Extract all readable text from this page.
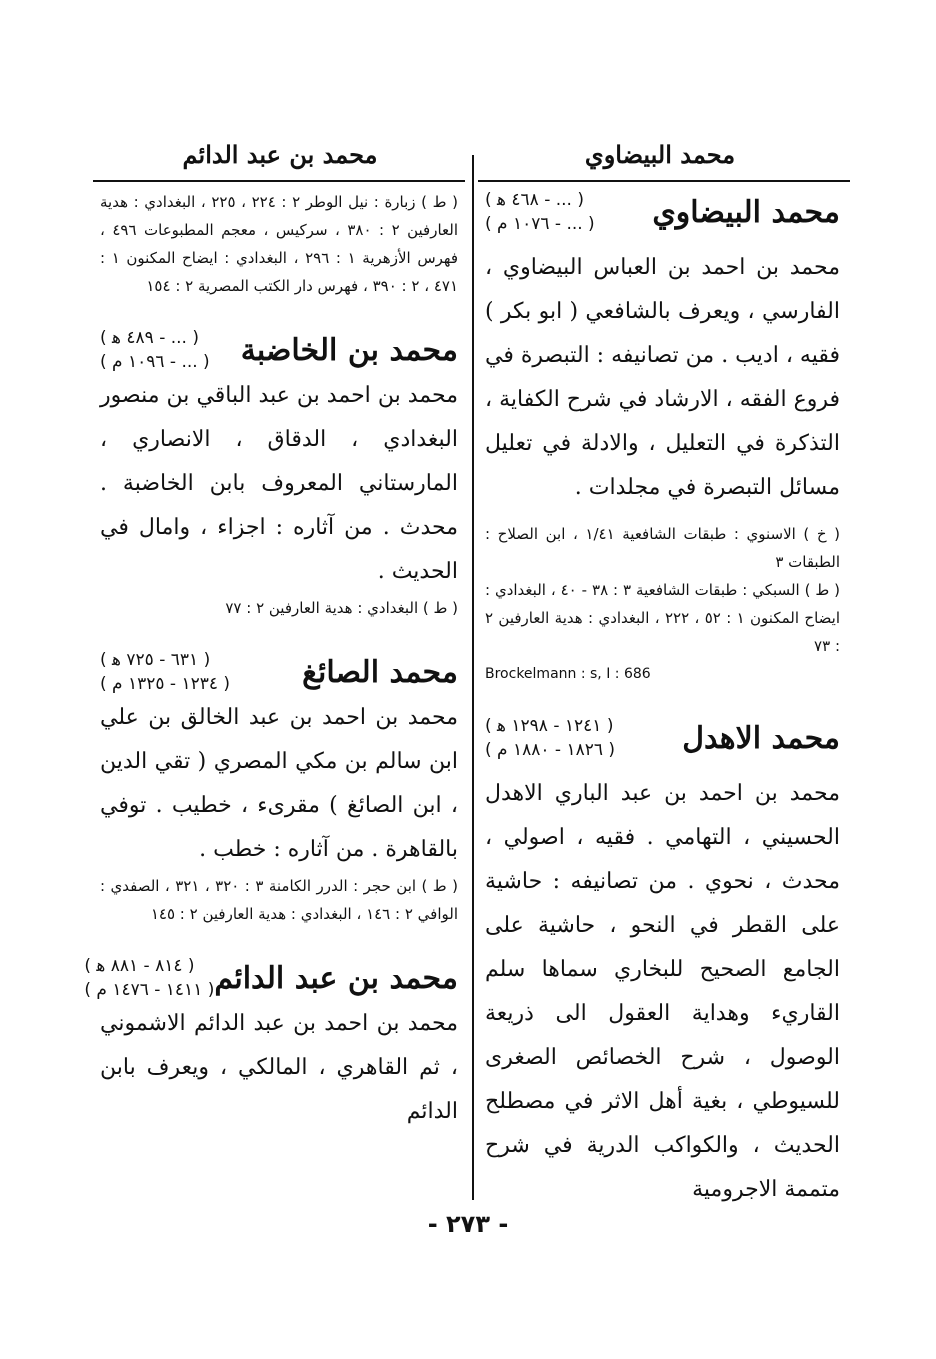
محمد البيضاوي
محمد بن عبد الدائم
محمد البيضاوي
( ... - ٤٦٨ ﻫ )
( ... - ١٠٧٦ م )

محمد بن احمد بن العباس البيضاوي ، الفارسي ، ويعرف بالشافعي ( ابو بكر ) فقيه ، اديب . من تصانيفه : التبصرة في فروع الفقه ، الارشاد في شرح الكفاية ، التذكرة في التعليل ، والادلة في تعليل مسائل التبصرة في مجلدات .

( خ ) الاسنوي : طبقات الشافعية ١/٤١ ، ابن الصلاح : الطبقات ٣

( ط ) السبكي : طبقات الشافعية ٣ : ٣٨ - ٤٠ ، البغدادي : ايضاح المكنون ١ : ٥٢ ، ٢٢٢ ، البغدادي : هدية العارفين ٢ : ٧٣

Brockelmann : s, I : 686

محمد الاهدل
( ١٢٤١ - ١٢٩٨ ﻫ )
( ١٨٢٦ - ١٨٨٠ م )

محمد بن احمد بن عبد الباري الاهدل الحسيني ، التهامي . فقيه ، اصولي ، محدث ، نحوي . من تصانيفه : حاشية على القطر في النحو ، حاشية على الجامع الصحيح للبخاري سماها سلم القاريء وهداية العقول الى ذريعة الوصول ، شرح الخصائص الصغرى للسيوطي ، بغية أهل الاثر في مصطلح الحديث ، والكواكب الدرية في شرح متممة الاجرومية

( ط ) زبارة : نيل الوطر ٢ : ٢٢٤ ، ٢٢٥ ، البغدادي : هدية العارفين ٢ : ٣٨٠ ، سركيس ، معجم المطبوعات ٤٩٦ ، فهرس الأزهرية ١ : ٢٩٦ ، البغدادي : ايضاح المكنون ١ : ٤٧١ ، ٢ : ٣٩٠ ، فهرس دار الكتب المصرية ٢ : ١٥٤

محمد بن الخاضبة
( ... - ٤٨٩ ﻫ )
( ... - ١٠٩٦ م )

محمد بن احمد بن عبد الباقي بن منصور البغدادي ، الدقاق ، الانصاري ، المارستاني المعروف بابن الخاضبة . محدث . من آثاره : اجزاء ، وامال في الحديث .

( ط ) البغدادي : هدية العارفين ٢ : ٧٧

محمد الصائغ
( ٦٣١ - ٧٢٥ ﻫ )
( ١٢٣٤ - ١٣٢٥ م )

محمد بن احمد بن عبد الخالق بن علي ابن سالم بن مكي المصري ( تقي الدين ، ابن الصائغ ) مقرىء ، خطيب . توفي بالقاهرة . من آثاره : خطب .

( ط ) ابن حجر : الدرر الكامنة ٣ : ٣٢٠ ، ٣٢١ ، الصفدي : الوافي ٢ : ١٤٦ ، البغدادي : هدية العارفين ٢ : ١٤٥

محمد بن عبد الدائم
( ٨١٤ - ٨٨١ ﻫ )
( ١٤١١ - ١٤٧٦ م )

محمد بن احمد بن عبد الدائم الاشموني ، ثم القاهري ، المالكي ، ويعرف بابن الدائم

- ٢٧٣ -
